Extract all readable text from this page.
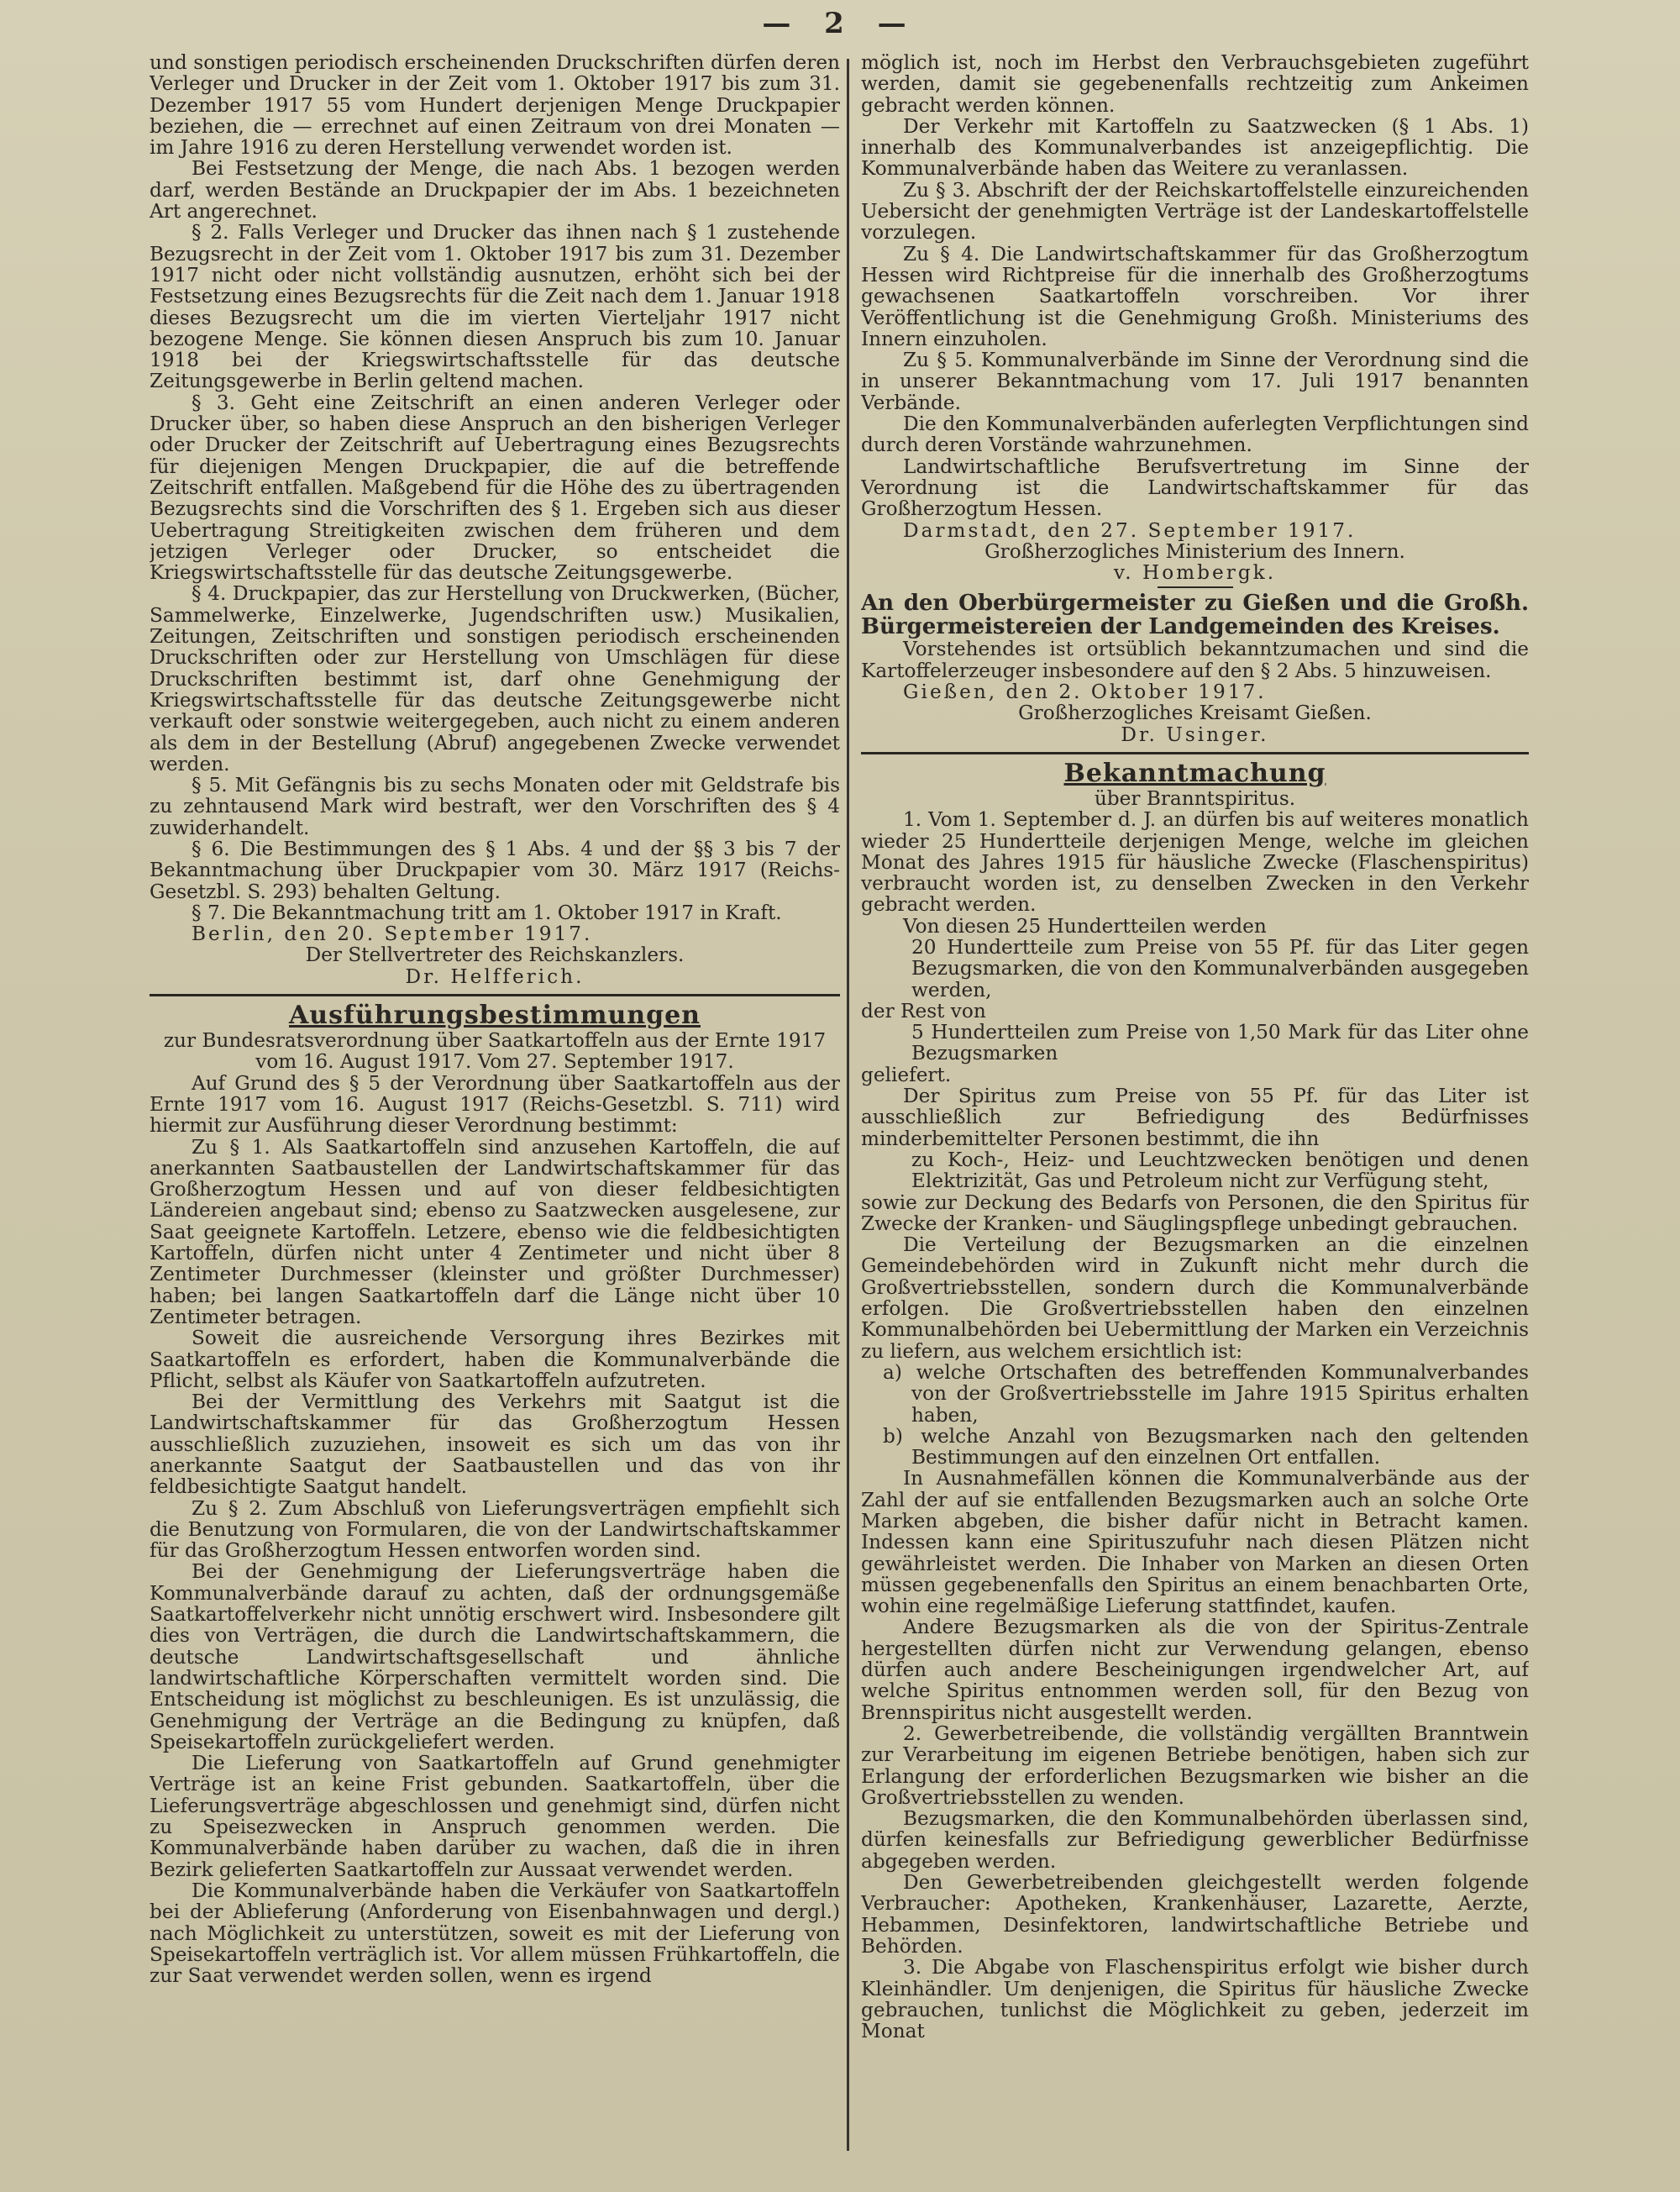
— 2 —

und sonstigen periodisch erscheinenden Druckschriften dürfen deren Verleger und Drucker in der Zeit vom 1. Oktober 1917 bis zum 31. Dezember 1917 55 vom Hundert derjenigen Menge Druckpapier beziehen, die — errechnet auf einen Zeitraum von drei Monaten — im Jahre 1916 zu deren Herstellung verwendet worden ist.

Bei Festsetzung der Menge, die nach Abs. 1 bezogen werden darf, werden Bestände an Druckpapier der im Abs. 1 bezeichneten Art angerechnet.

§ 2. Falls Verleger und Drucker das ihnen nach § 1 zustehende Bezugsrecht in der Zeit vom 1. Oktober 1917 bis zum 31. Dezember 1917 nicht oder nicht vollständig ausnutzen, erhöht sich bei der Festsetzung eines Bezugsrechts für die Zeit nach dem 1. Januar 1918 dieses Bezugsrecht um die im vierten Vierteljahr 1917 nicht bezogene Menge. Sie können diesen Anspruch bis zum 10. Januar 1918 bei der Kriegswirtschaftsstelle für das deutsche Zeitungsgewerbe in Berlin geltend machen.

§ 3. Geht eine Zeitschrift an einen anderen Verleger oder Drucker über, so haben diese Anspruch an den bisherigen Verleger oder Drucker der Zeitschrift auf Uebertragung eines Bezugsrechts für diejenigen Mengen Druckpapier, die auf die betreffende Zeitschrift entfallen. Maßgebend für die Höhe des zu übertragenden Bezugsrechts sind die Vorschriften des § 1. Ergeben sich aus dieser Uebertragung Streitigkeiten zwischen dem früheren und dem jetzigen Verleger oder Drucker, so entscheidet die Kriegswirtschaftsstelle für das deutsche Zeitungsgewerbe.

§ 4. Druckpapier, das zur Herstellung von Druckwerken, (Bücher, Sammelwerke, Einzelwerke, Jugendschriften usw.) Musikalien, Zeitungen, Zeitschriften und sonstigen periodisch erscheinenden Druckschriften oder zur Herstellung von Umschlägen für diese Druckschriften bestimmt ist, darf ohne Genehmigung der Kriegswirtschaftsstelle für das deutsche Zeitungsgewerbe nicht verkauft oder sonstwie weitergegeben, auch nicht zu einem anderen als dem in der Bestellung (Abruf) angegebenen Zwecke verwendet werden.

§ 5. Mit Gefängnis bis zu sechs Monaten oder mit Geldstrafe bis zu zehntausend Mark wird bestraft, wer den Vorschriften des § 4 zuwiderhandelt.

§ 6. Die Bestimmungen des § 1 Abs. 4 und der §§ 3 bis 7 der Bekanntmachung über Druckpapier vom 30. März 1917 (Reichs-Gesetzbl. S. 293) behalten Geltung.

§ 7. Die Bekanntmachung tritt am 1. Oktober 1917 in Kraft.

Berlin, den 20. September 1917.

Der Stellvertreter des Reichskanzlers.

Dr. Helfferich.

Ausführungsbestimmungen

zur Bundesratsverordnung über Saatkartoffeln aus der Ernte 1917 vom 16. August 1917. Vom 27. September 1917.

Auf Grund des § 5 der Verordnung über Saatkartoffeln aus der Ernte 1917 vom 16. August 1917 (Reichs-Gesetzbl. S. 711) wird hiermit zur Ausführung dieser Verordnung bestimmt:

Zu § 1. Als Saatkartoffeln sind anzusehen Kartoffeln, die auf anerkannten Saatbaustellen der Landwirtschaftskammer für das Großherzogtum Hessen und auf von dieser feldbesichtigten Ländereien angebaut sind; ebenso zu Saatzwecken ausgelesene, zur Saat geeignete Kartoffeln. Letzere, ebenso wie die feldbesichtigten Kartoffeln, dürfen nicht unter 4 Zentimeter und nicht über 8 Zentimeter Durchmesser (kleinster und größter Durchmesser) haben; bei langen Saatkartoffeln darf die Länge nicht über 10 Zentimeter betragen.

Soweit die ausreichende Versorgung ihres Bezirkes mit Saatkartoffeln es erfordert, haben die Kommunalverbände die Pflicht, selbst als Käufer von Saatkartoffeln aufzutreten.

Bei der Vermittlung des Verkehrs mit Saatgut ist die Landwirtschaftskammer für das Großherzogtum Hessen ausschließlich zuzuziehen, insoweit es sich um das von ihr anerkannte Saatgut der Saatbaustellen und das von ihr feldbesichtigte Saatgut handelt.

Zu § 2. Zum Abschluß von Lieferungsverträgen empfiehlt sich die Benutzung von Formularen, die von der Landwirtschaftskammer für das Großherzogtum Hessen entworfen worden sind.

Bei der Genehmigung der Lieferungsverträge haben die Kommunalverbände darauf zu achten, daß der ordnungsgemäße Saatkartoffelverkehr nicht unnötig erschwert wird. Insbesondere gilt dies von Verträgen, die durch die Landwirtschaftskammern, die deutsche Landwirtschaftsgesellschaft und ähnliche landwirtschaftliche Körperschaften vermittelt worden sind. Die Entscheidung ist möglichst zu beschleunigen. Es ist unzulässig, die Genehmigung der Verträge an die Bedingung zu knüpfen, daß Speisekartoffeln zurückgeliefert werden.

Die Lieferung von Saatkartoffeln auf Grund genehmigter Verträge ist an keine Frist gebunden. Saatkartoffeln, über die Lieferungsverträge abgeschlossen und genehmigt sind, dürfen nicht zu Speisezwecken in Anspruch genommen werden. Die Kommunalverbände haben darüber zu wachen, daß die in ihren Bezirk gelieferten Saatkartoffeln zur Aussaat verwendet werden.

Die Kommunalverbände haben die Verkäufer von Saatkartoffeln bei der Ablieferung (Anforderung von Eisenbahnwagen und dergl.) nach Möglichkeit zu unterstützen, soweit es mit der Lieferung von Speisekartoffeln verträglich ist. Vor allem müssen Frühkartoffeln, die zur Saat verwendet werden sollen, wenn es irgend

möglich ist, noch im Herbst den Verbrauchsgebieten zugeführt werden, damit sie gegebenenfalls rechtzeitig zum Ankeimen gebracht werden können.

Der Verkehr mit Kartoffeln zu Saatzwecken (§ 1 Abs. 1) innerhalb des Kommunalverbandes ist anzeigepflichtig. Die Kommunalverbände haben das Weitere zu veranlassen.

Zu § 3. Abschrift der der Reichskartoffelstelle einzureichenden Uebersicht der genehmigten Verträge ist der Landeskartoffelstelle vorzulegen.

Zu § 4. Die Landwirtschaftskammer für das Großherzogtum Hessen wird Richtpreise für die innerhalb des Großherzogtums gewachsenen Saatkartoffeln vorschreiben. Vor ihrer Veröffentlichung ist die Genehmigung Großh. Ministeriums des Innern einzuholen.

Zu § 5. Kommunalverbände im Sinne der Verordnung sind die in unserer Bekanntmachung vom 17. Juli 1917 benannten Verbände.

Die den Kommunalverbänden auferlegten Verpflichtungen sind durch deren Vorstände wahrzunehmen.

Landwirtschaftliche Berufsvertretung im Sinne der Verordnung ist die Landwirtschaftskammer für das Großherzogtum Hessen.

Darmstadt, den 27. September 1917.

Großherzogliches Ministerium des Innern.

v. Hombergk.

An den Oberbürgermeister zu Gießen und die Großh. Bürgermeistereien der Landgemeinden des Kreises.

Vorstehendes ist ortsüblich bekanntzumachen und sind die Kartoffelerzeuger insbesondere auf den § 2 Abs. 5 hinzuweisen.

Gießen, den 2. Oktober 1917.

Großherzogliches Kreisamt Gießen.

Dr. Usinger.

Bekanntmachung

über Branntspiritus.

1. Vom 1. September d. J. an dürfen bis auf weiteres monatlich wieder 25 Hundertteile derjenigen Menge, welche im gleichen Monat des Jahres 1915 für häusliche Zwecke (Flaschenspiritus) verbraucht worden ist, zu denselben Zwecken in den Verkehr gebracht werden.

Von diesen 25 Hundertteilen werden

20 Hundertteile zum Preise von 55 Pf. für das Liter gegen Bezugsmarken, die von den Kommunalverbänden ausgegeben werden,

der Rest von

5 Hundertteilen zum Preise von 1,50 Mark für das Liter ohne Bezugsmarken

geliefert.

Der Spiritus zum Preise von 55 Pf. für das Liter ist ausschließlich zur Befriedigung des Bedürfnisses minderbemittelter Personen bestimmt, die ihn

zu Koch-, Heiz- und Leuchtzwecken benötigen und denen Elektrizität, Gas und Petroleum nicht zur Verfügung steht,

sowie zur Deckung des Bedarfs von Personen, die den Spiritus für Zwecke der Kranken- und Säuglingspflege unbedingt gebrauchen.

Die Verteilung der Bezugsmarken an die einzelnen Gemeindebehörden wird in Zukunft nicht mehr durch die Großvertriebsstellen, sondern durch die Kommunalverbände erfolgen. Die Großvertriebsstellen haben den einzelnen Kommunalbehörden bei Uebermittlung der Marken ein Verzeichnis zu liefern, aus welchem ersichtlich ist:

a) welche Ortschaften des betreffenden Kommunalverbandes von der Großvertriebsstelle im Jahre 1915 Spiritus erhalten haben,

b) welche Anzahl von Bezugsmarken nach den geltenden Bestimmungen auf den einzelnen Ort entfallen.

In Ausnahmefällen können die Kommunalverbände aus der Zahl der auf sie entfallenden Bezugsmarken auch an solche Orte Marken abgeben, die bisher dafür nicht in Betracht kamen. Indessen kann eine Spirituszufuhr nach diesen Plätzen nicht gewährleistet werden. Die Inhaber von Marken an diesen Orten müssen gegebenenfalls den Spiritus an einem benachbarten Orte, wohin eine regelmäßige Lieferung stattfindet, kaufen.

Andere Bezugsmarken als die von der Spiritus-Zentrale hergestellten dürfen nicht zur Verwendung gelangen, ebenso dürfen auch andere Bescheinigungen irgendwelcher Art, auf welche Spiritus entnommen werden soll, für den Bezug von Brennspiritus nicht ausgestellt werden.

2. Gewerbetreibende, die vollständig vergällten Branntwein zur Verarbeitung im eigenen Betriebe benötigen, haben sich zur Erlangung der erforderlichen Bezugsmarken wie bisher an die Großvertriebsstellen zu wenden.

Bezugsmarken, die den Kommunalbehörden überlassen sind, dürfen keinesfalls zur Befriedigung gewerblicher Bedürfnisse abgegeben werden.

Den Gewerbetreibenden gleichgestellt werden folgende Verbraucher: Apotheken, Krankenhäuser, Lazarette, Aerzte, Hebammen, Desinfektoren, landwirtschaftliche Betriebe und Behörden.

3. Die Abgabe von Flaschenspiritus erfolgt wie bisher durch Kleinhändler. Um denjenigen, die Spiritus für häusliche Zwecke gebrauchen, tunlichst die Möglichkeit zu geben, jederzeit im Monat
